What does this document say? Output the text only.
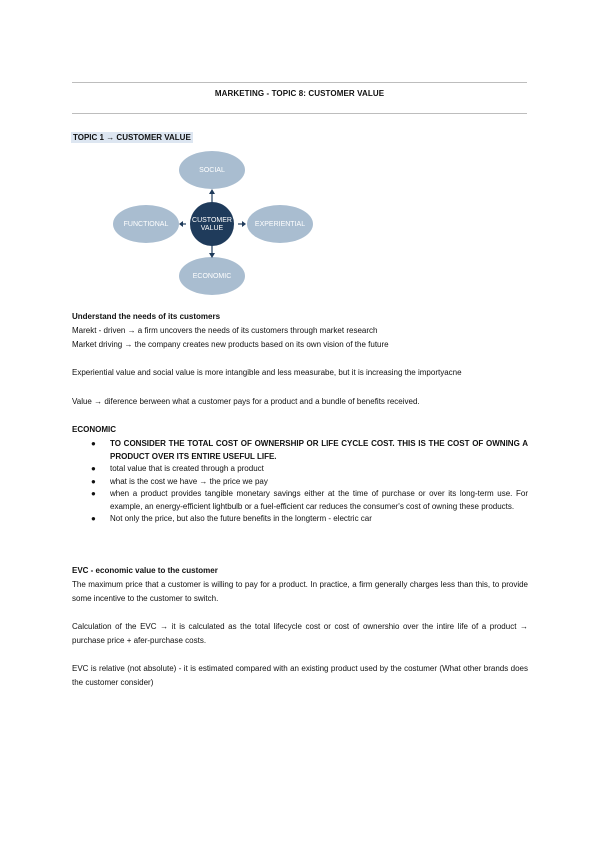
MARKETING - TOPIC 8: CUSTOMER VALUE
TOPIC 1 → CUSTOMER VALUE
CUSTOMER
VALUE
SOCIAL
FUNCTIONAL	EXPERIENTIAL
ECONOMIC
Understand the needs of its customers
Marekt - driven → a firm uncovers the needs of its customers through market research
Market driving → the company creates new products based on its own vision of the future
Experiential value and social value is more intangible and less measurabe, but it is increasing the importyacne
Value → diference berween what a customer pays for a product and a bundle of benefits received.
ECONOMIC
● TO CONSIDER THE TOTAL COST OF OWNERSHIP OR LIFE CYCLE COST. THIS IS THE COST OF OWNING A PRODUCT OVER ITS ENTIRE USEFUL LIFE.
● total value that is created through a product
● what is the cost we have → the price we pay
● when a product provides tangible monetary savings either at the time of purchase or over its long-term use. For example, an energy-efficient lightbulb or a fuel-efficient car reduces the consumer's cost of owning these products.
● Not only the price, but also the future benefits in the longterm - electric car
EVC - economic value to the customer
The maximum price that a customer is willing to pay for a product. In practice, a firm generally charges less than this, to provide some incentive to the customer to switch.
Calculation of the EVC → it is calculated as the total lifecycle cost or cost of ownershio over the intire life of a product → purchase price + afer-purchase costs.
EVC is relative (not absolute) - it is estimated compared with an existing product used by the costumer (What other brands does the customer consider)
